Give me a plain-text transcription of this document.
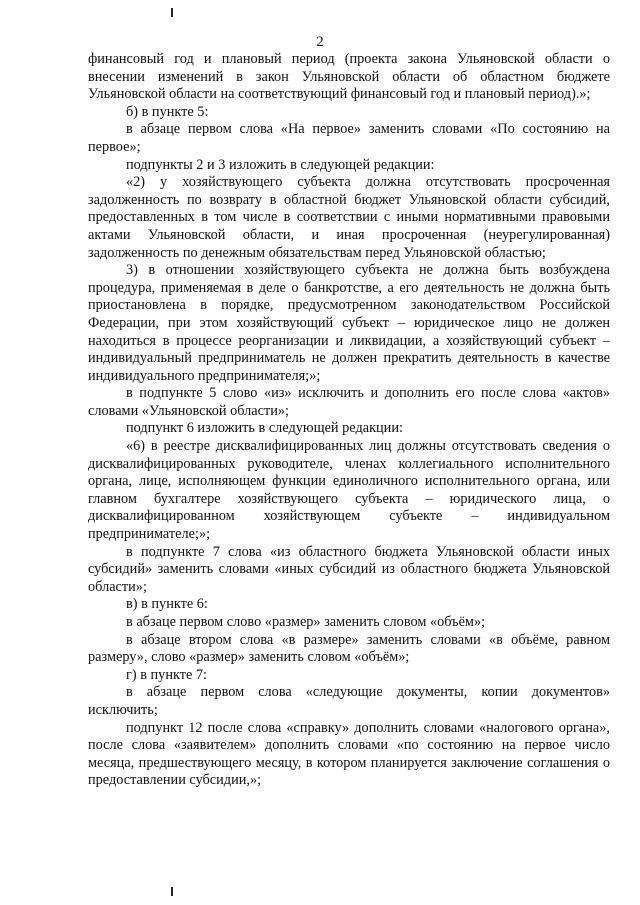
2

финансовый год и плановый период (проекта закона Ульяновской области о внесении изменений в закон Ульяновской области об областном бюджете Ульяновской области на соответствующий финансовый год и плановый период).»;

б) в пункте 5:

в абзаце первом слова «На первое» заменить словами «По состоянию на первое»;

подпункты 2 и 3 изложить в следующей редакции:

«2) у хозяйствующего субъекта должна отсутствовать просроченная задолженность по возврату в областной бюджет Ульяновской области субсидий, предоставленных в том числе в соответствии с иными нормативными правовыми актами Ульяновской области, и иная просроченная (неурегулированная) задолженность по денежным обязательствам перед Ульяновской областью;

3) в отношении хозяйствующего субъекта не должна быть возбуждена процедура, применяемая в деле о банкротстве, а его деятельность не должна быть приостановлена в порядке, предусмотренном законодательством Российской Федерации, при этом хозяйствующий субъект – юридическое лицо не должен находиться в процессе реорганизации и ликвидации, а хозяйствующий субъект – индивидуальный предприниматель не должен прекратить деятельность в качестве индивидуального предпринимателя;»;

в подпункте 5 слово «из» исключить и дополнить его после слова «актов» словами «Ульяновской области»;

подпункт 6 изложить в следующей редакции:

«6) в реестре дисквалифицированных лиц должны отсутствовать сведения о дисквалифицированных руководителе, членах коллегиального исполнительного органа, лице, исполняющем функции единоличного исполнительного органа, или главном бухгалтере хозяйствующего субъекта – юридического лица, о дисквалифицированном хозяйствующем субъекте – индивидуальном предпринимателе;»;

в подпункте 7 слова «из областного бюджета Ульяновской области иных субсидий» заменить словами «иных субсидий из областного бюджета Ульяновской области»;

в) в пункте 6:

в абзаце первом слово «размер» заменить словом «объём»;

в абзаце втором слова «в размере» заменить словами «в объёме, равном размеру», слово «размер» заменить словом «объём»;

г) в пункте 7:

в абзаце первом слова «следующие документы, копии документов» исключить;

подпункт 12 после слова «справку» дополнить словами «налогового органа», после слова «заявителем» дополнить словами «по состоянию на первое число месяца, предшествующего месяцу, в котором планируется заключение соглашения о предоставлении субсидии,»;
